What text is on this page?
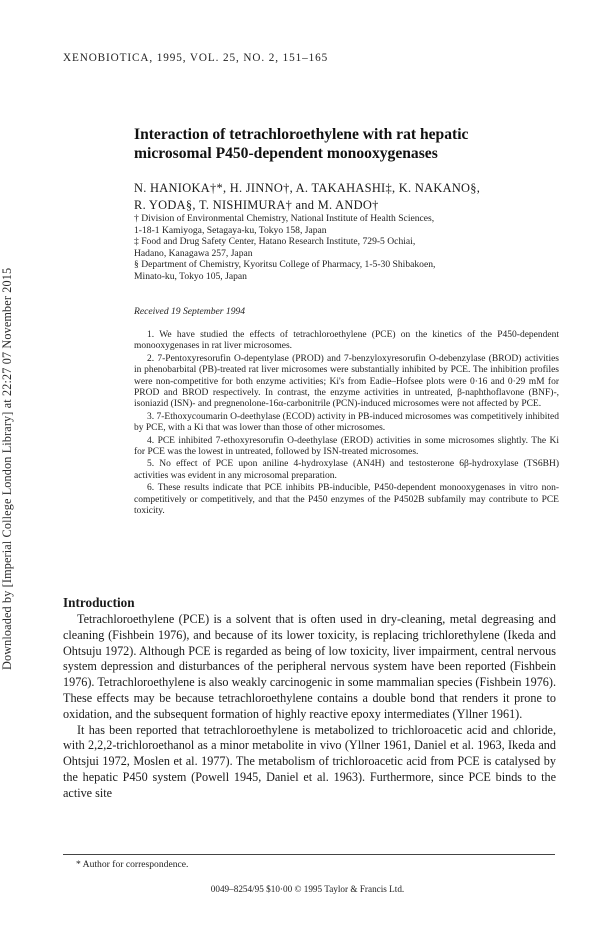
Downloaded by [Imperial College London Library] at 22:27 07 November 2015
XENOBIOTICA, 1995, VOL. 25, NO. 2, 151–165
Interaction of tetrachloroethylene with rat hepatic
microsomal P450-dependent monooxygenases
N. HANIOKA†*, H. JINNO†, A. TAKAHASHI‡, K. NAKANO§,
R. YODA§, T. NISHIMURA† and M. ANDO†
† Division of Environmental Chemistry, National Institute of Health Sciences,
1-18-1 Kamiyoga, Setagaya-ku, Tokyo 158, Japan
‡ Food and Drug Safety Center, Hatano Research Institute, 729-5 Ochiai,
Hadano, Kanagawa 257, Japan
§ Department of Chemistry, Kyoritsu College of Pharmacy, 1-5-30 Shibakoen,
Minato-ku, Tokyo 105, Japan
Received 19 September 1994

1. We have studied the effects of tetrachloroethylene (PCE) on the kinetics of the P450-dependent monooxygenases in rat liver microsomes.

2. 7-Pentoxyresorufin O-depentylase (PROD) and 7-benzyloxyresorufin O-debenzylase (BROD) activities in phenobarbital (PB)-treated rat liver microsomes were substantially inhibited by PCE. The inhibition profiles were non-competitive for both enzyme activities; Ki's from Eadie–Hofsee plots were 0·16 and 0·29 mM for PROD and BROD respectively. In contrast, the enzyme activities in untreated, β-naphthoflavone (BNF)-, isoniazid (ISN)- and pregnenolone-16α-carbonitrile (PCN)-induced microsomes were not affected by PCE.

3. 7-Ethoxycoumarin O-deethylase (ECOD) activity in PB-induced microsomes was competitively inhibited by PCE, with a Ki that was lower than those of other microsomes.

4. PCE inhibited 7-ethoxyresorufin O-deethylase (EROD) activities in some microsomes slightly. The Ki for PCE was the lowest in untreated, followed by ISN-treated microsomes.

5. No effect of PCE upon aniline 4-hydroxylase (AN4H) and testosterone 6β-hydroxylase (TS6BH) activities was evident in any microsomal preparation.

6. These results indicate that PCE inhibits PB-inducible, P450-dependent monooxygenases in vitro non-competitively or competitively, and that the P450 enzymes of the P4502B subfamily may contribute to PCE toxicity.

Introduction

Tetrachloroethylene (PCE) is a solvent that is often used in dry-cleaning, metal degreasing and cleaning (Fishbein 1976), and because of its lower toxicity, is replacing trichlorethylene (Ikeda and Ohtsuju 1972). Although PCE is regarded as being of low toxicity, liver impairment, central nervous system depression and disturbances of the peripheral nervous system have been reported (Fishbein 1976). Tetrachloroethylene is also weakly carcinogenic in some mammalian species (Fishbein 1976). These effects may be because tetrachloroethylene contains a double bond that renders it prone to oxidation, and the subsequent formation of highly reactive epoxy intermediates (Yllner 1961).

It has been reported that tetrachloroethylene is metabolized to trichloroacetic acid and chloride, with 2,2,2-trichloroethanol as a minor metabolite in vivo (Yllner 1961, Daniel et al. 1963, Ikeda and Ohtsjui 1972, Moslen et al. 1977). The metabolism of trichloroacetic acid from PCE is catalysed by the hepatic P450 system (Powell 1945, Daniel et al. 1963). Furthermore, since PCE binds to the active site

* Author for correspondence.
0049–8254/95 $10·00 © 1995 Taylor & Francis Ltd.
